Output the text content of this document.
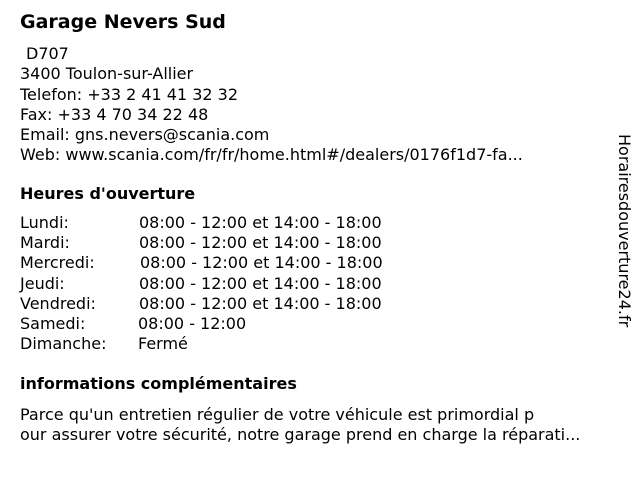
Garage Nevers Sud
D707
3400 Toulon-sur-Allier
Telefon: +33 2 41 41 32 32
Fax: +33 4 70 34 22 48
Email: gns.nevers@scania.com
Web: www.scania.com/fr/fr/home.html#/dealers/0176f1d7-fa...
Heures d'ouverture
Lundi:	08:00 - 12:00 et 14:00 - 18:00
Mardi:	08:00 - 12:00 et 14:00 - 18:00
Mercredi:	08:00 - 12:00 et 14:00 - 18:00
Jeudi:	08:00 - 12:00 et 14:00 - 18:00
Vendredi:	08:00 - 12:00 et 14:00 - 18:00
Samedi:	08:00 - 12:00
Dimanche: Fermé
informations complémentaires
Parce qu'un entretien régulier de votre véhicule est primordial p
our assurer votre sécurité, notre garage prend en charge la réparati...
Horairesdouverture24.fr
